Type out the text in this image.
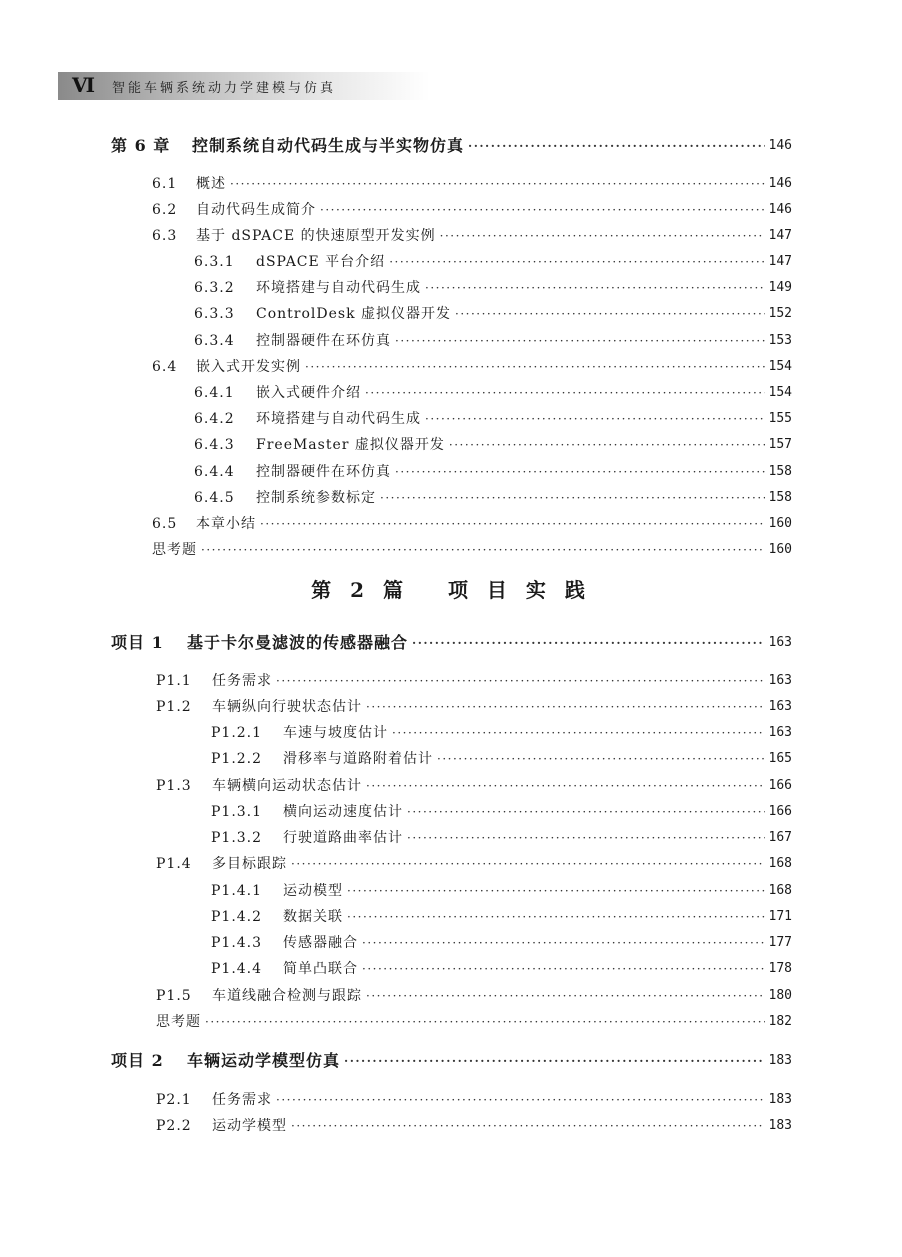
Ⅵ 智能车辆系统动力学建模与仿真
第 2 篇　 项 目 实 践
第 6 章	控制系统自动代码生成与半实物仿真 ·····	146
6.1	概述 ·····	146
6.2	自动代码生成简介 ·····	146
6.3	基于 dSPACE 的快速原型开发实例 ·····	147
6.3.1	dSPACE 平台介绍 ·····	147
6.3.2	环境搭建与自动代码生成 ·····	149
6.3.3	ControlDesk 虚拟仪器开发 ·····	152
6.3.4	控制器硬件在环仿真 ·····	153
6.4	嵌入式开发实例 ·····	154
6.4.1	嵌入式硬件介绍 ·····	154
6.4.2	环境搭建与自动代码生成 ·····	155
6.4.3	FreeMaster 虚拟仪器开发 ·····	157
6.4.4	控制器硬件在环仿真 ·····	158
6.4.5	控制系统参数标定 ·····	158
6.5	本章小结 ·····	160
思考题 ·····	160
项目 1	基于卡尔曼滤波的传感器融合 ·····	163
P1.1	任务需求 ·····	163
P1.2	车辆纵向行驶状态估计 ·····	163
P1.2.1	车速与坡度估计 ·····	163
P1.2.2	滑移率与道路附着估计 ·····	165
P1.3	车辆横向运动状态估计 ·····	166
P1.3.1	横向运动速度估计 ·····	166
P1.3.2	行驶道路曲率估计 ·····	167
P1.4	多目标跟踪 ·····	168
P1.4.1	运动模型 ·····	168
P1.4.2	数据关联 ·····	171
P1.4.3	传感器融合 ·····	177
P1.4.4	简单凸联合 ·····	178
P1.5	车道线融合检测与跟踪 ·····	180
思考题 ·····	182
项目 2	车辆运动学模型仿真 ·····	183
P2.1	任务需求 ·····	183
P2.2	运动学模型 ·····	183
